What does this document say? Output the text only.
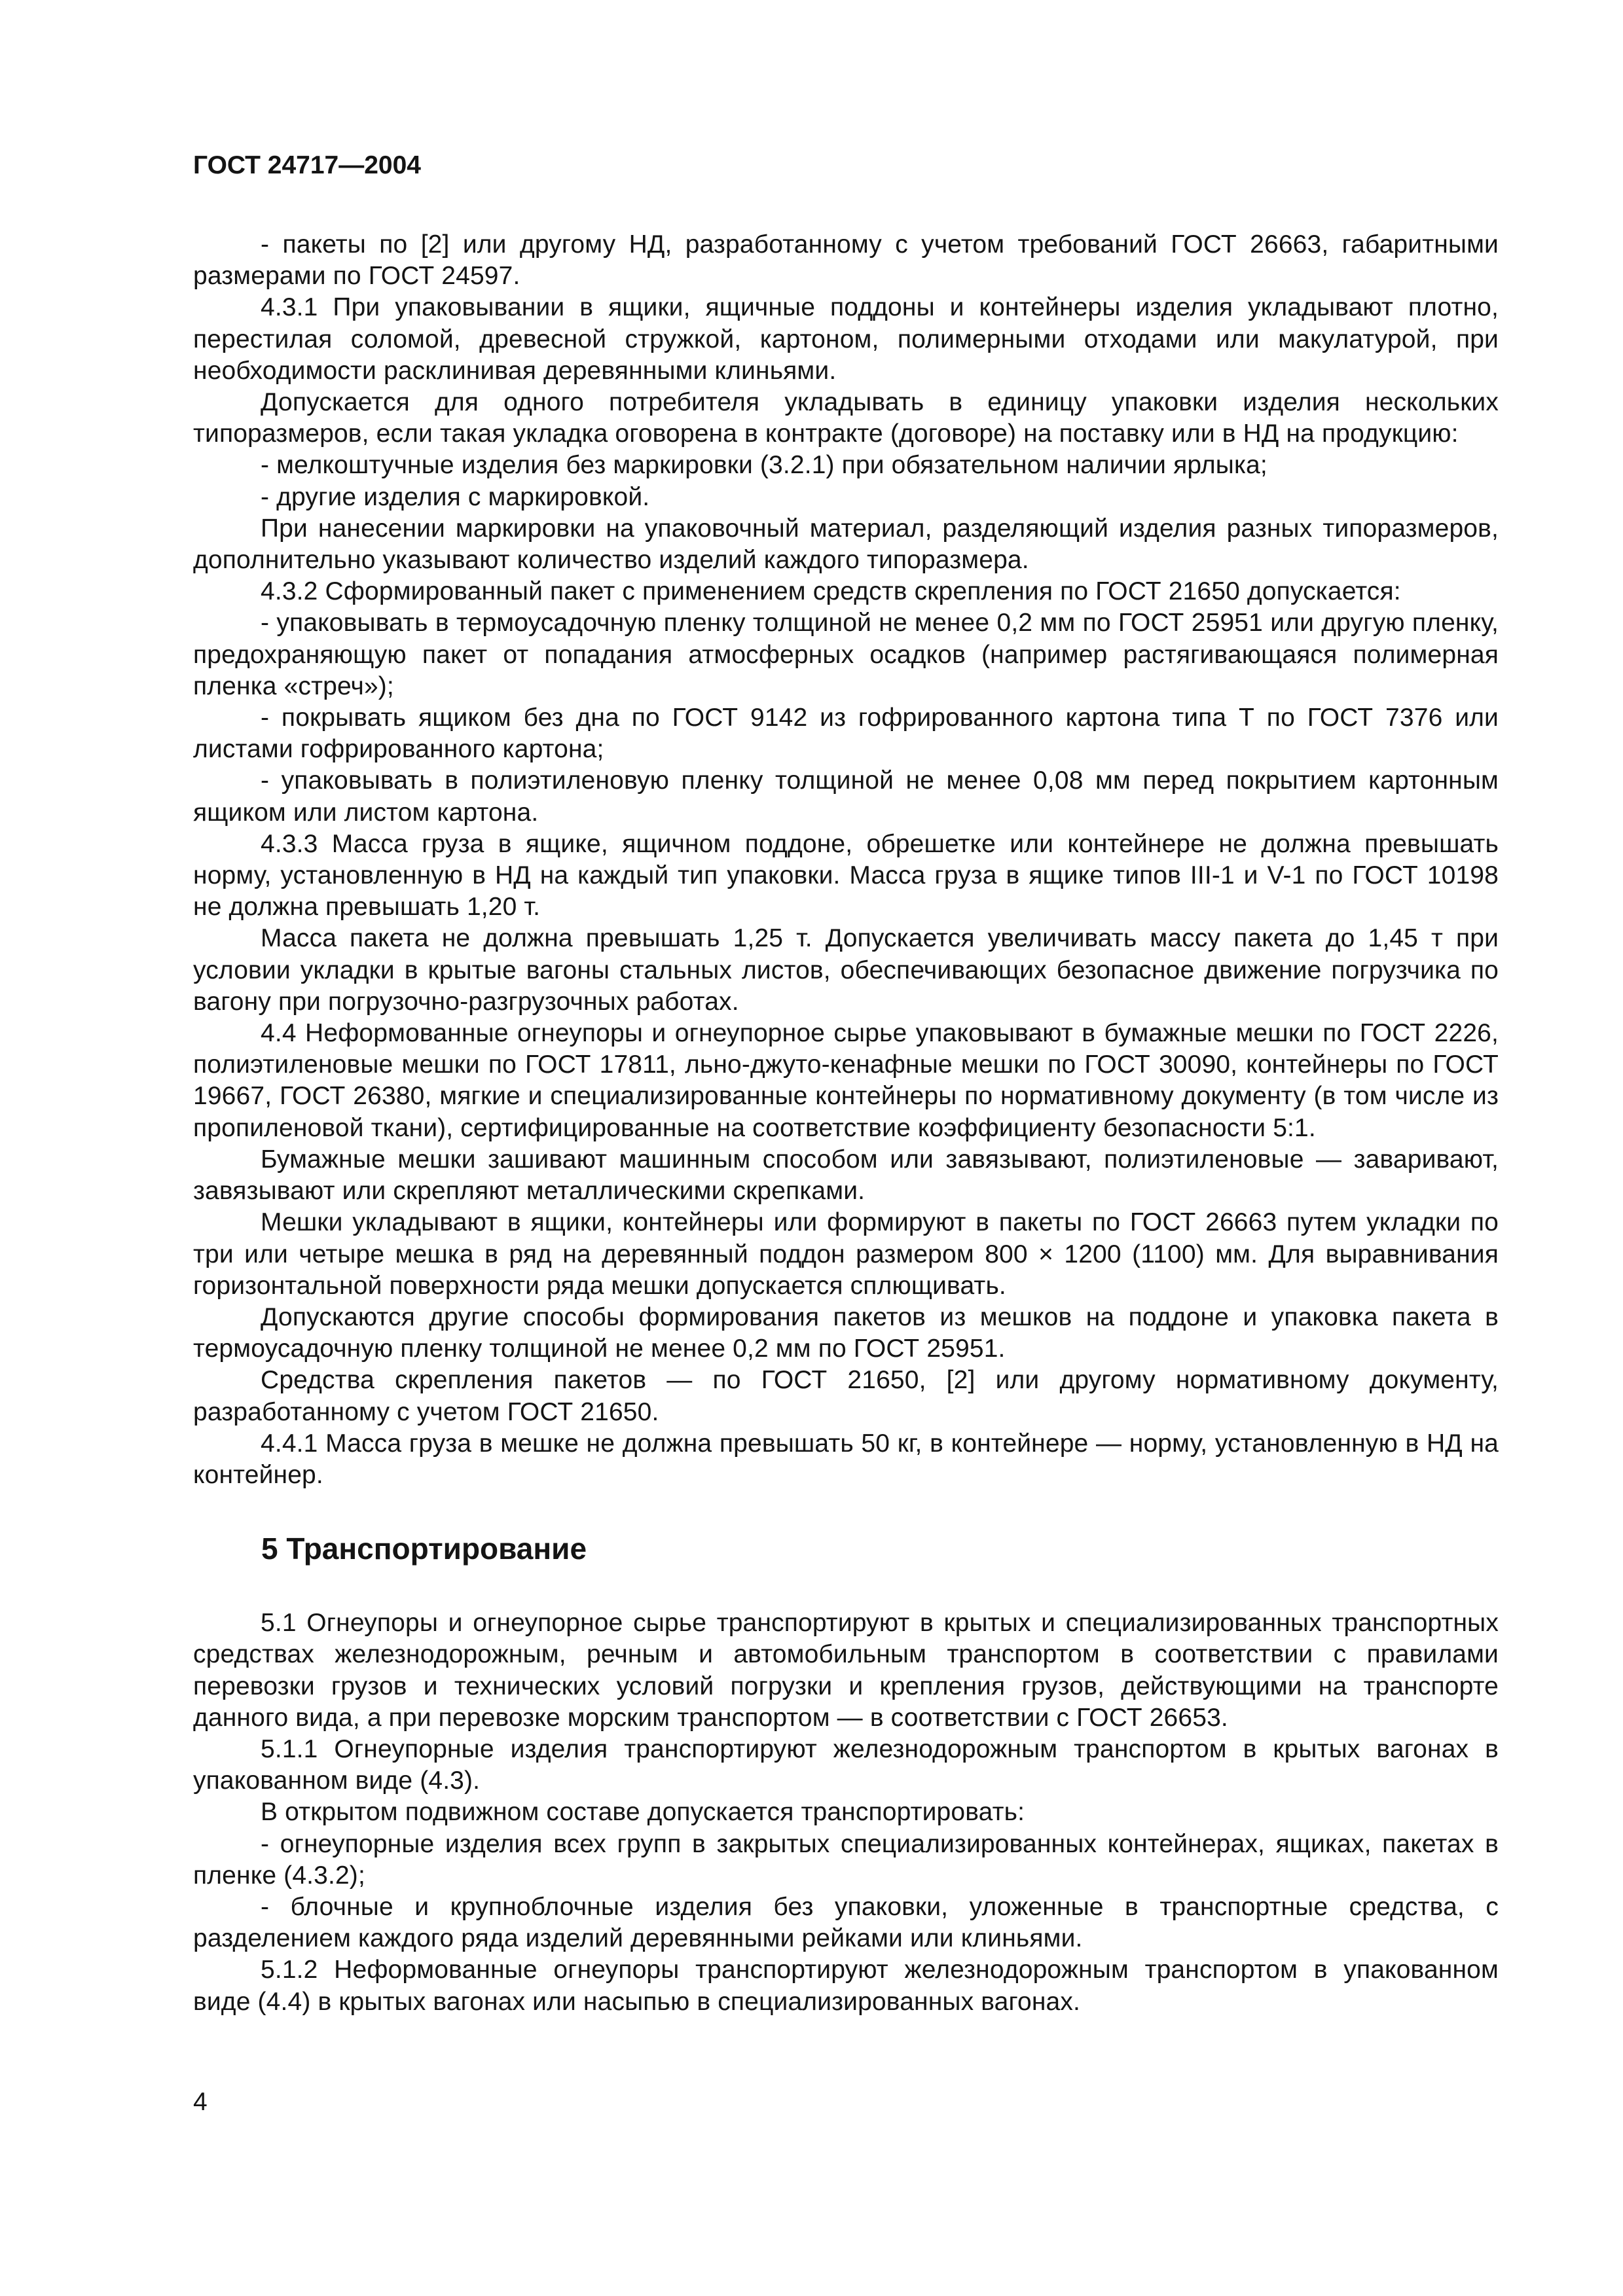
ГОСТ 24717—2004

- пакеты по [2] или другому НД, разработанному с учетом требований ГОСТ 26663, габаритными размерами по ГОСТ 24597.

4.3.1 При упаковывании в ящики, ящичные поддоны и контейнеры изделия укладывают плотно, перестилая соломой, древесной стружкой, картоном, полимерными отходами или макулатурой, при необходимости расклинивая деревянными клиньями.

Допускается для одного потребителя укладывать в единицу упаковки изделия нескольких типоразмеров, если такая укладка оговорена в контракте (договоре) на поставку или в НД на продукцию:

- мелкоштучные изделия без маркировки (3.2.1) при обязательном наличии ярлыка;

- другие изделия с маркировкой.

При нанесении маркировки на упаковочный материал, разделяющий изделия разных типоразмеров, дополнительно указывают количество изделий каждого типоразмера.

4.3.2 Сформированный пакет с применением средств скрепления по ГОСТ 21650 допускается:

- упаковывать в термоусадочную пленку толщиной не менее 0,2 мм по ГОСТ 25951 или другую пленку, предохраняющую пакет от попадания атмосферных осадков (например растягивающаяся полимерная пленка «стреч»);

- покрывать ящиком без дна по ГОСТ 9142 из гофрированного картона типа Т по ГОСТ 7376 или листами гофрированного картона;

- упаковывать в полиэтиленовую пленку толщиной не менее 0,08 мм перед покрытием картонным ящиком или листом картона.

4.3.3 Масса груза в ящике, ящичном поддоне, обрешетке или контейнере не должна превышать норму, установленную в НД на каждый тип упаковки. Масса груза в ящике типов III-1 и V-1 по ГОСТ 10198 не должна превышать 1,20 т.

Масса пакета не должна превышать 1,25 т. Допускается увеличивать массу пакета до 1,45 т при условии укладки в крытые вагоны стальных листов, обеспечивающих безопасное движение погрузчика по вагону при погрузочно-разгрузочных работах.

4.4 Неформованные огнеупоры и огнеупорное сырье упаковывают в бумажные мешки по ГОСТ 2226, полиэтиленовые мешки по ГОСТ 17811, льно-джуто-кенафные мешки по ГОСТ 30090, контейнеры по ГОСТ 19667, ГОСТ 26380, мягкие и специализированные контейнеры по нормативному документу (в том числе из пропиленовой ткани), сертифицированные на соответствие коэффициенту безопасности 5:1.

Бумажные мешки зашивают машинным способом или завязывают, полиэтиленовые — заваривают, завязывают или скрепляют металлическими скрепками.

Мешки укладывают в ящики, контейнеры или формируют в пакеты по ГОСТ 26663 путем укладки по три или четыре мешка в ряд на деревянный поддон размером 800 × 1200 (1100) мм. Для выравнивания горизонтальной поверхности ряда мешки допускается сплющивать.

Допускаются другие способы формирования пакетов из мешков на поддоне и упаковка пакета в термоусадочную пленку толщиной не менее 0,2 мм по ГОСТ 25951.

Средства скрепления пакетов — по ГОСТ 21650, [2] или другому нормативному документу, разработанному с учетом ГОСТ 21650.

4.4.1 Масса груза в мешке не должна превышать 50 кг, в контейнере — норму, установленную в НД на контейнер.

5 Транспортирование

5.1 Огнеупоры и огнеупорное сырье транспортируют в крытых и специализированных транспортных средствах железнодорожным, речным и автомобильным транспортом в соответствии с правилами перевозки грузов и технических условий погрузки и крепления грузов, действующими на транспорте данного вида, а при перевозке морским транспортом — в соответствии с ГОСТ 26653.

5.1.1 Огнеупорные изделия транспортируют железнодорожным транспортом в крытых вагонах в упакованном виде (4.3).

В открытом подвижном составе допускается транспортировать:

- огнеупорные изделия всех групп в закрытых специализированных контейнерах, ящиках, пакетах в пленке (4.3.2);

- блочные и крупноблочные изделия без упаковки, уложенные в транспортные средства, с разделением каждого ряда изделий деревянными рейками или клиньями.

5.1.2 Неформованные огнеупоры транспортируют железнодорожным транспортом в упакованном виде (4.4) в крытых вагонах или насыпью в специализированных вагонах.

4
